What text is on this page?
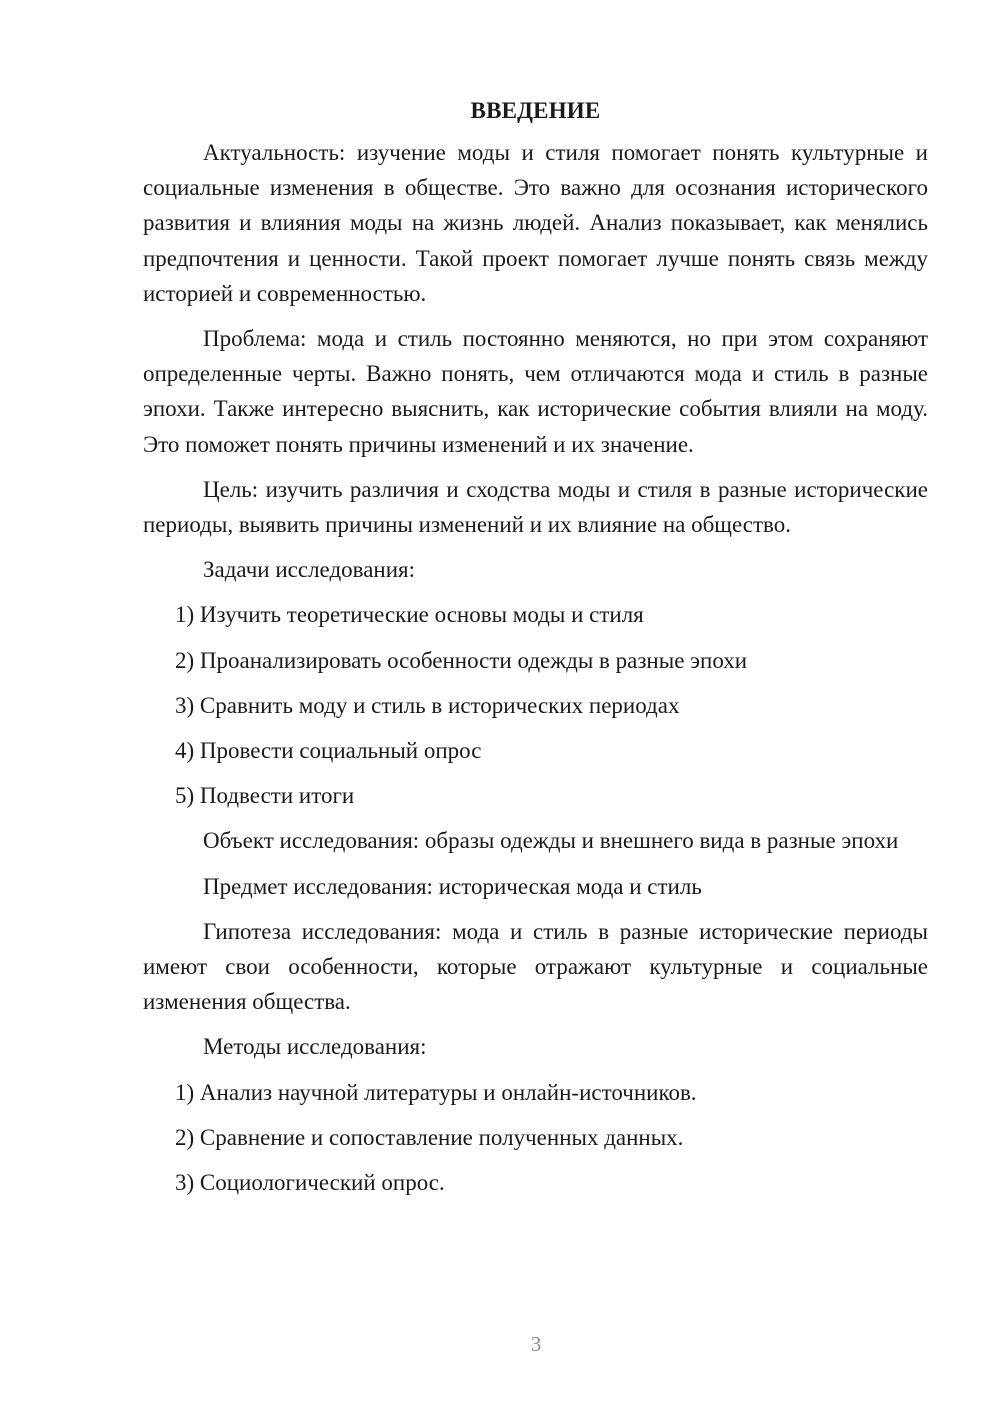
ВВЕДЕНИЕ

Актуальность: изучение моды и стиля помогает понять культурные и социальные изменения в обществе. Это важно для осознания исторического развития и влияния моды на жизнь людей. Анализ показывает, как менялись предпочтения и ценности. Такой проект помогает лучше понять связь между историей и современностью.

Проблема: мода и стиль постоянно меняются, но при этом сохраняют определенные черты. Важно понять, чем отличаются мода и стиль в разные эпохи. Также интересно выяснить, как исторические события влияли на моду. Это поможет понять причины изменений и их значение.

Цель: изучить различия и сходства моды и стиля в разные исторические периоды, выявить причины изменений и их влияние на общество.

Задачи исследования:

1) Изучить теоретические основы моды и стиля

2) Проанализировать особенности одежды в разные эпохи

3) Сравнить моду и стиль в исторических периодах

4) Провести социальный опрос

5) Подвести итоги

Объект исследования: образы одежды и внешнего вида в разные эпохи

Предмет исследования: историческая мода и стиль

Гипотеза исследования: мода и стиль в разные исторические периоды имеют свои особенности, которые отражают культурные и социальные изменения общества.

Методы исследования:

1) Анализ научной литературы и онлайн-источников.

2) Сравнение и сопоставление полученных данных.

3) Социологический опрос.

3
